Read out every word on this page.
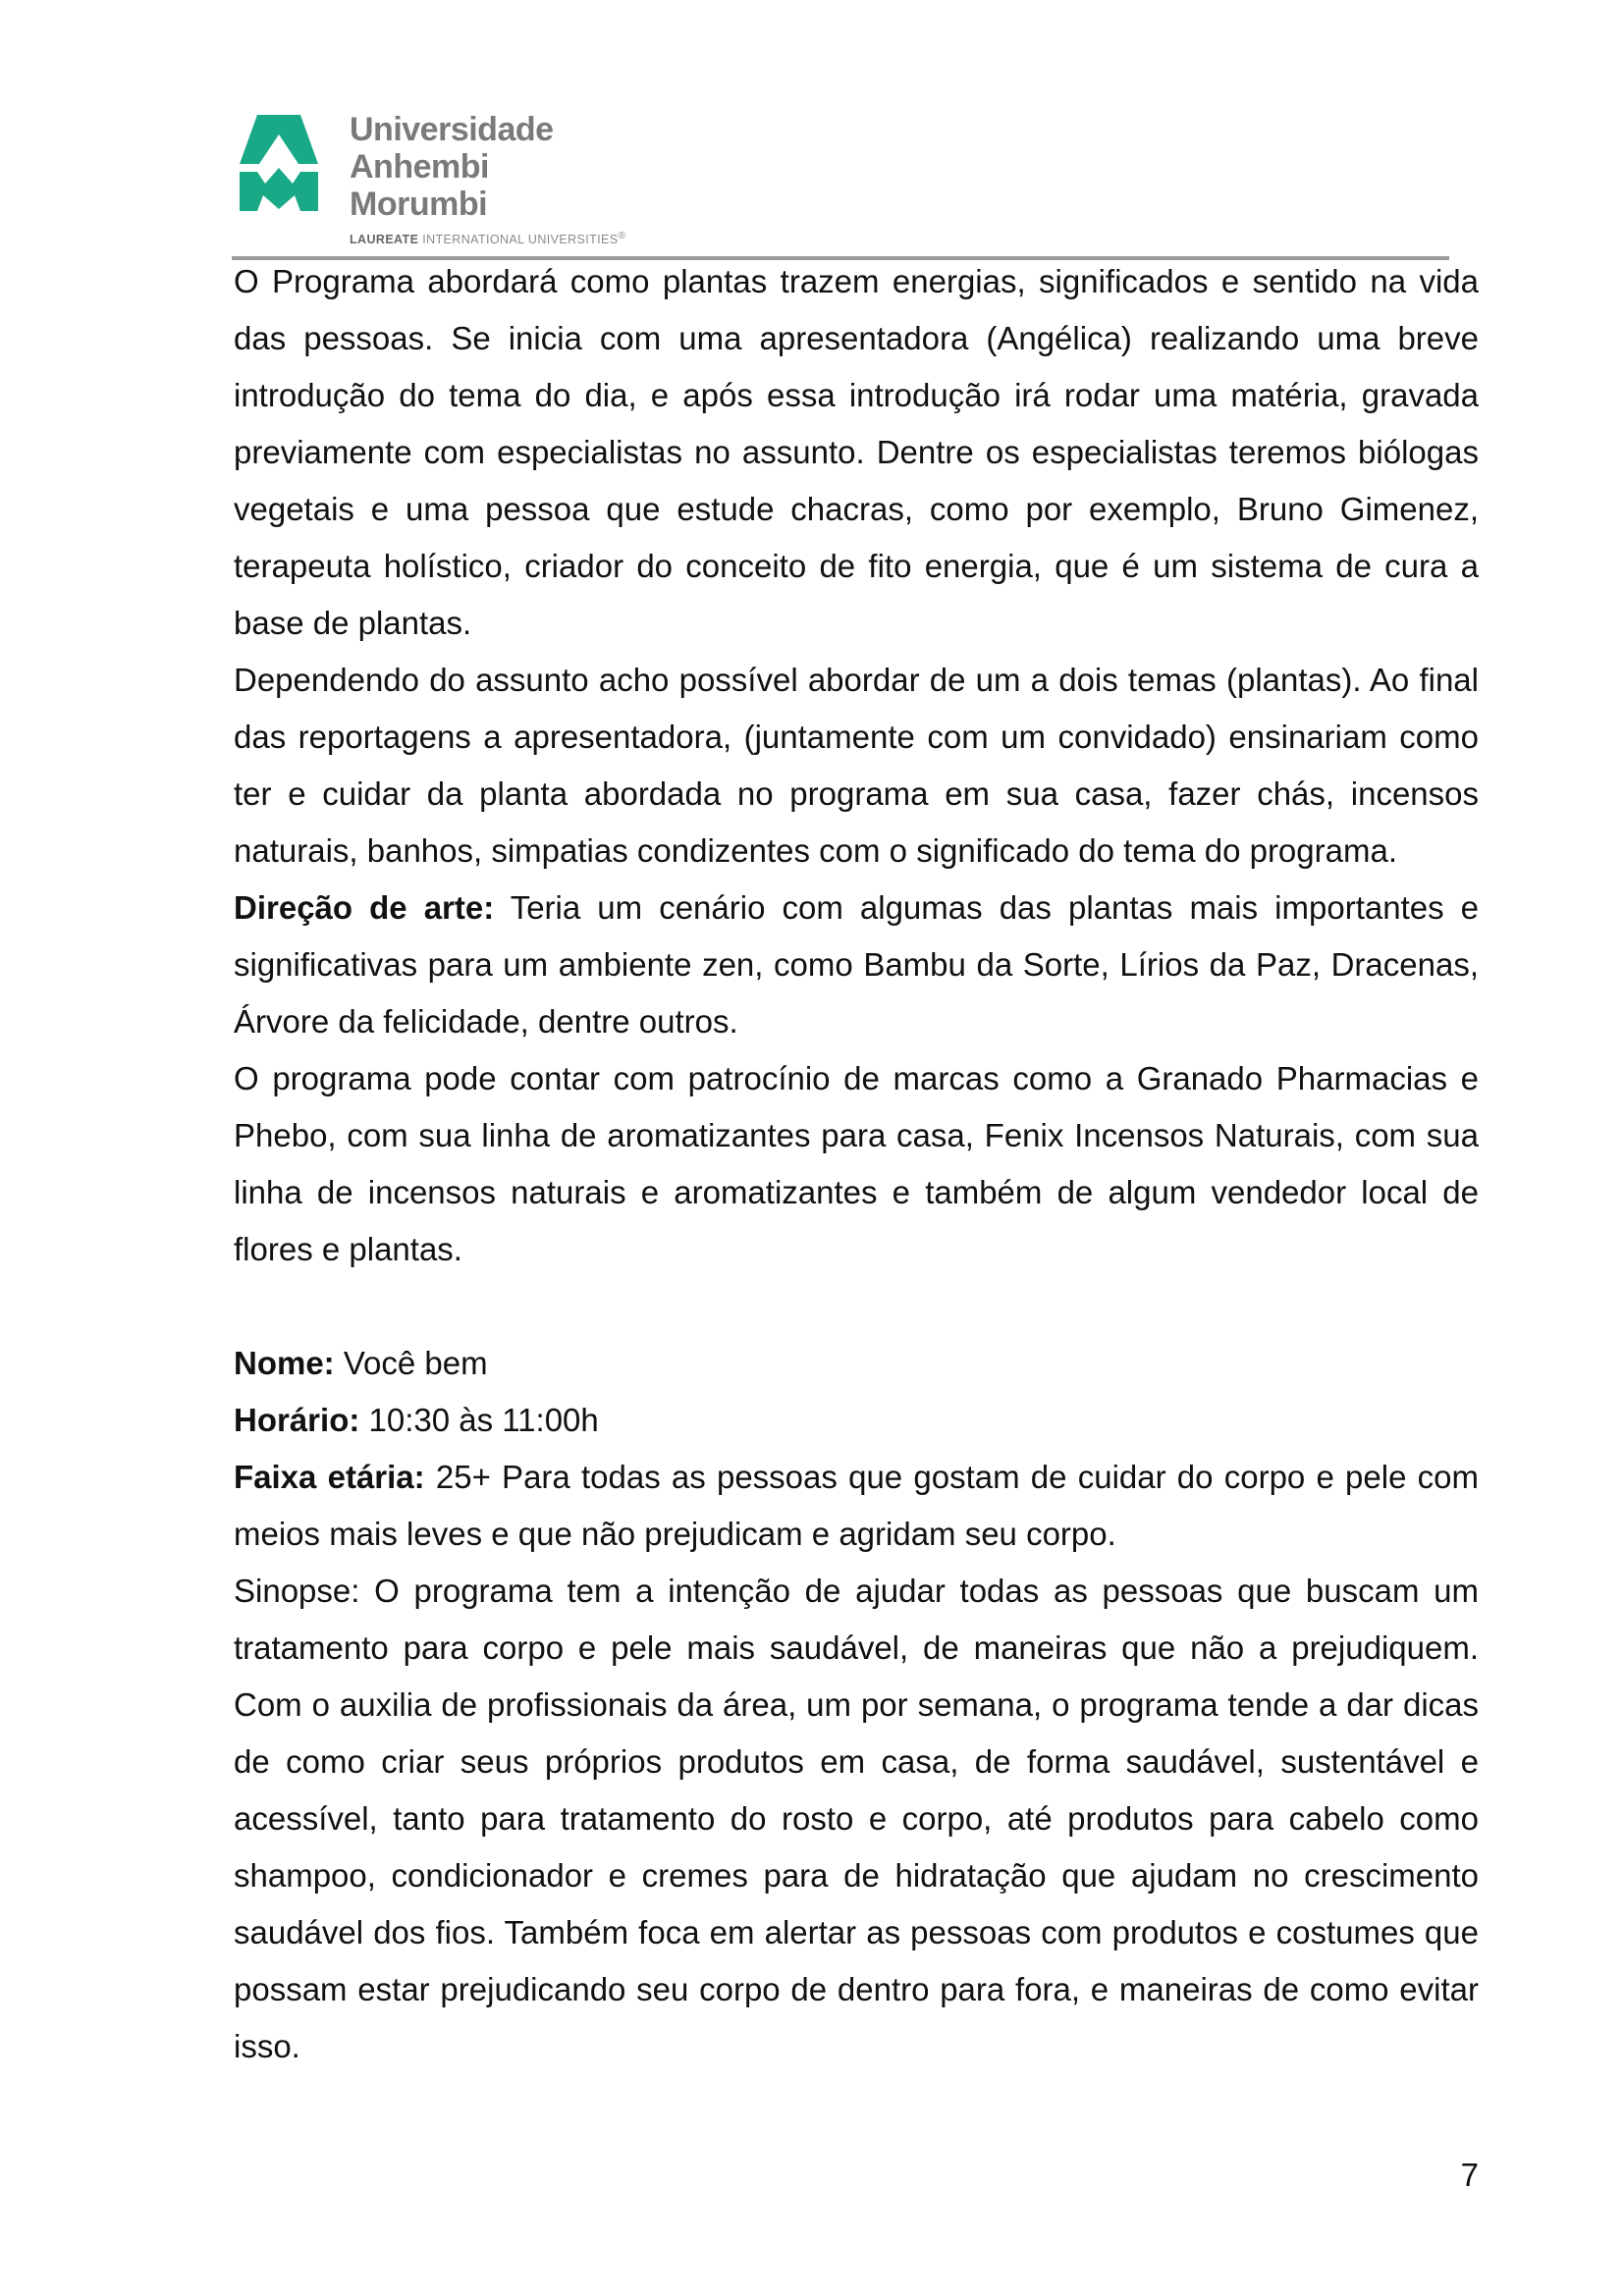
Universidade
Anhembi Morumbi
LAUREATE INTERNATIONAL UNIVERSITIES®

O Programa abordará como plantas trazem energias, significados e sentido na vida das pessoas. Se inicia com uma apresentadora (Angélica) realizando uma breve introdução do tema do dia, e após essa introdução irá rodar uma matéria, gravada previamente com especialistas no assunto. Dentre os especialistas teremos biólogas vegetais e uma pessoa que estude chacras, como por exemplo, Bruno Gimenez, terapeuta holístico, criador do conceito de fito energia, que é um sistema de cura a base de plantas.

Dependendo do assunto acho possível abordar de um a dois temas (plantas). Ao final das reportagens a apresentadora, (juntamente com um convidado) ensinariam como ter e cuidar da planta abordada no programa em sua casa, fazer chás, incensos naturais, banhos, simpatias condizentes com o significado do tema do programa.

Direção de arte: Teria um cenário com algumas das plantas mais importantes e significativas para um ambiente zen, como Bambu da Sorte, Lírios da Paz, Dracenas, Árvore da felicidade, dentre outros.

O programa pode contar com patrocínio de marcas como a Granado Pharmacias e Phebo, com sua linha de aromatizantes para casa, Fenix Incensos Naturais, com sua linha de incensos naturais e aromatizantes e também de algum vendedor local de flores e plantas.

Nome: Você bem

Horário: 10:30 às 11:00h

Faixa etária: 25+ Para todas as pessoas que gostam de cuidar do corpo e pele com meios mais leves e que não prejudicam e agridam seu corpo.

Sinopse: O programa tem a intenção de ajudar todas as pessoas que buscam um tratamento para corpo e pele mais saudável, de maneiras que não a prejudiquem. Com o auxilia de profissionais da área, um por semana, o programa tende a dar dicas de como criar seus próprios produtos em casa, de forma saudável, sustentável e acessível, tanto para tratamento do rosto e corpo, até produtos para cabelo como shampoo, condicionador e cremes para de hidratação que ajudam no crescimento saudável dos fios. Também foca em alertar as pessoas com produtos e costumes que possam estar prejudicando seu corpo de dentro para fora, e maneiras de como evitar isso.

7
